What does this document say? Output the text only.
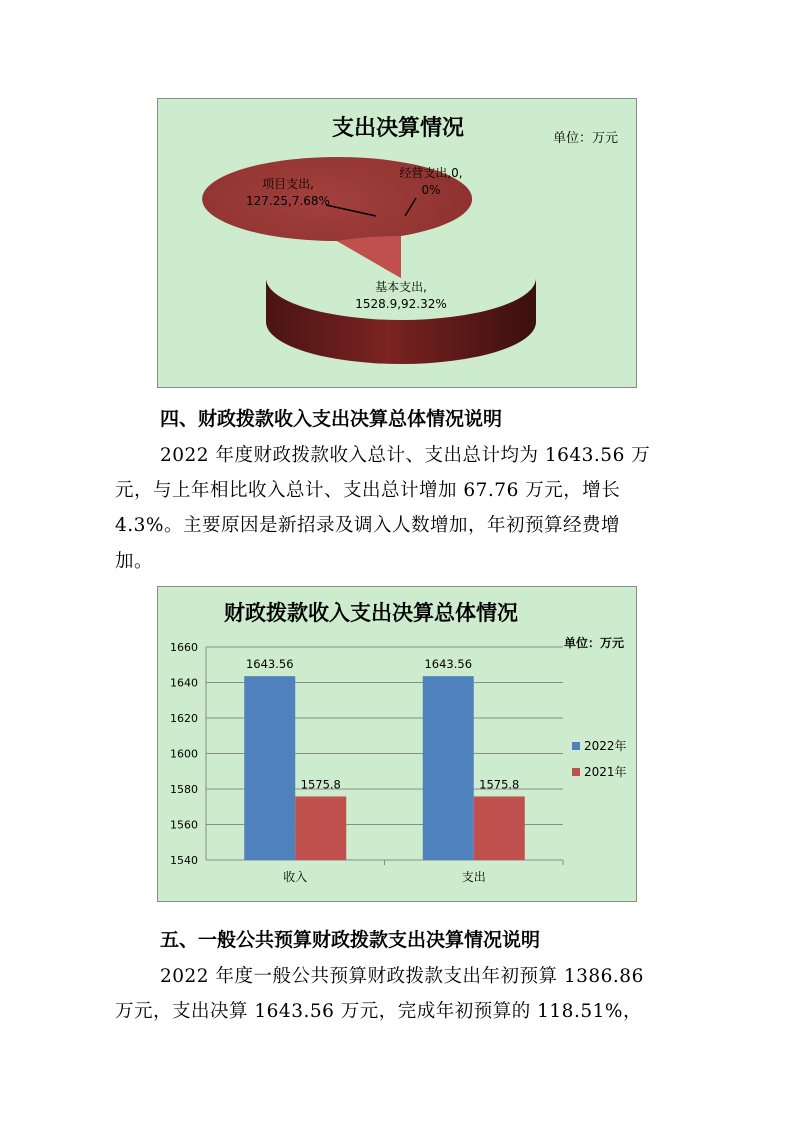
支出决算情况	单位：万元
项目支出,
127.25,7.68%
经营支出,0,
0%
基本支出,
1528.9,92.32%
四、财政拨款收入支出决算总体情况说明
2022 年度财政拨款收入总计、支出总计均为 1643.56 万
元，与上年相比收入总计、支出总计增加 67.76 万元，增长
4.3%。主要原因是新招录及调入人数增加，年初预算经费增
加。
财政拨款收入支出决算总体情况
单位：万元
1540
1560
1580
1600
1620
1640
1660
收入	支出
1643.56
1575.8
1643.56
1575.8
2022年
2021年
五、一般公共预算财政拨款支出决算情况说明
2022 年度一般公共预算财政拨款支出年初预算 1386.86
万元，支出决算 1643.56 万元，完成年初预算的 118.51%，
